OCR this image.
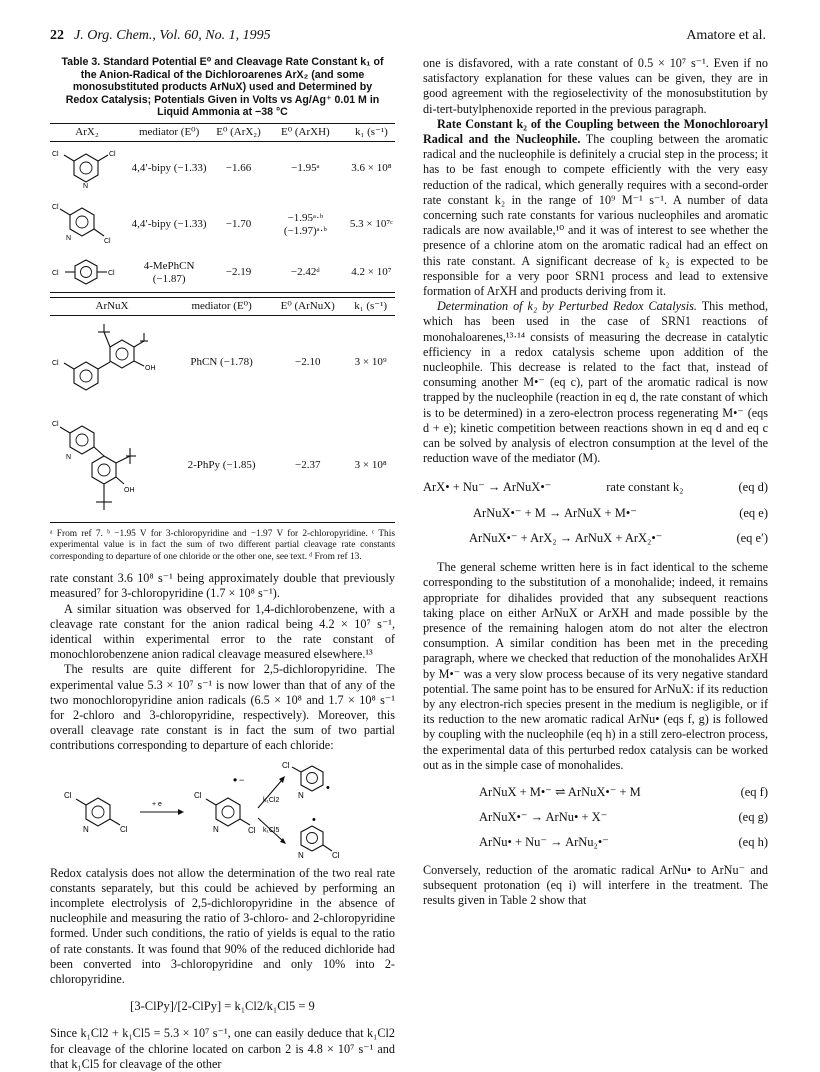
22 J. Org. Chem., Vol. 60, No. 1, 1995	Amatore et al.
Table 3. Standard Potential E⁰ and Cleavage Rate Constant k₁ of the Anion-Radical of the Dichloroarenes ArX₂ (and some monosubstituted products ArNuX) used and Determined by Redox Catalysis; Potentials Given in Volts vs Ag/Ag⁺ 0.01 M in Liquid Ammonia at −38 °C
ArX₂	mediator (E⁰)	E⁰ (ArX₂)	E⁰ (ArXH)	k₁ (s⁻¹)

Cl Cl
N	4,4′-bipy (−1.33)	−1.66	−1.95ᵃ	3.6 × 10⁸

Cl
Cl
N	4,4′-bipy (−1.33)	−1.70	−1.95ᵃ·ᵇ (−1.97)ᵃ·ᵇ	5.3 × 10⁷ᶜ

Cl Cl	4-MePhCN (−1.87)	−2.19	−2.42ᵈ	4.2 × 10⁷
ArNuX	mediator (E⁰)	E⁰ (ArNuX)	k₁ (s⁻¹)

Cl
OH	PhCN (−1.78)	−2.10	3 × 10⁹

Cl
N
OH	2-PhPy (−1.85)	−2.37	3 × 10⁸
ᵃ From ref 7. ᵇ −1.95 V for 3-chloropyridine and −1.97 V for 2-chloropyridine. ᶜ This experimental value is in fact the sum of two different partial cleavage rate constants corresponding to departure of one chloride or the other one, see text. ᵈ From ref 13.

rate constant 3.6 10⁸ s⁻¹ being approximately double that previously measured⁷ for 3-chloropyridine (1.7 × 10⁸ s⁻¹).

A similar situation was observed for 1,4-dichlorobenzene, with a cleavage rate constant for the anion radical being 4.2 × 10⁷ s⁻¹, identical within experimental error to the rate constant of monochlorobenzene anion radical cleavage measured elsewhere.¹³

The results are quite different for 2,5-dichloropyridine. The experimental value 5.3 × 10⁷ s⁻¹ is now lower than that of any of the two monochloropyridine anion radicals (6.5 × 10⁸ and 1.7 × 10⁸ s⁻¹ for 2-chloro and 3-chloropyridine, respectively). Moreover, this overall cleavage rate constant is in fact the sum of two partial contributions corresponding to departure of each chloride:

Cl
Cl
N
+ e
Cl
Cl
N
• −
k₁Cl2
k₁Cl5
Cl
•
N
Cl
N
•

Redox catalysis does not allow the determination of the two real rate constants separately, but this could be achieved by performing an incomplete electrolysis of 2,5-dichloropyridine in the absence of nucleophile and measuring the ratio of 3-chloro- and 2-chloropyridine formed. Under such conditions, the ratio of yields is equal to the ratio of rate constants. It was found that 90% of the reduced dichloride had been converted into 3-chloropyridine and only 10% into 2-chloropyridine.

[3-ClPy]/[2-ClPy] = k₁Cl2/k₁Cl5 = 9

Since k₁Cl2 + k₁Cl5 = 5.3 × 10⁷ s⁻¹, one can easily deduce that k₁Cl2 for cleavage of the chlorine located on carbon 2 is 4.8 × 10⁷ s⁻¹ and that k₁Cl5 for cleavage of the other

one is disfavored, with a rate constant of 0.5 × 10⁷ s⁻¹. Even if no satisfactory explanation for these values can be given, they are in good agreement with the regioselectivity of the monosubstitution by di-tert-butylphenoxide reported in the previous paragraph.

Rate Constant k₂ of the Coupling between the Monochloroaryl Radical and the Nucleophile. The coupling between the aromatic radical and the nucleophile is definitely a crucial step in the process; it has to be fast enough to compete efficiently with the very easy reduction of the radical, which generally requires with a second-order rate constant k₂ in the range of 10⁹ M⁻¹ s⁻¹. A number of data concerning such rate constants for various nucleophiles and aromatic radicals are now available,¹⁰ and it was of interest to see whether the presence of a chlorine atom on the aromatic radical had an effect on this rate constant. A significant decrease of k₂ is expected to be responsible for a very poor SRN1 process and lead to extensive formation of ArXH and products deriving from it.

Determination of k₂ by Perturbed Redox Catalysis. This method, which has been used in the case of SRN1 reactions of monohaloarenes,¹³·¹⁴ consists of measuring the decrease in catalytic efficiency in a redox catalysis scheme upon addition of the nucleophile. This decrease is related to the fact that, instead of consuming another M•⁻ (eq c), part of the aromatic radical is now trapped by the nucleophile (reaction in eq d, the rate constant of which is to be determined) in a zero-electron process regenerating M•⁻ (eqs d + e); kinetic competition between reactions shown in eq d and eq c can be solved by analysis of electron consumption at the level of the reduction wave of the mediator (M).

ArX• + Nu⁻ → ArNuX•⁻	rate constant k₂	(eq d)
ArNuX•⁻ + M → ArNuX + M•⁻	(eq e)
ArNuX•⁻ + ArX₂ → ArNuX + ArX₂•⁻	(eq e′)

The general scheme written here is in fact identical to the scheme corresponding to the substitution of a monohalide; indeed, it remains appropriate for dihalides provided that any subsequent reactions taking place on either ArNuX or ArXH and made possible by the presence of the remaining halogen atom do not alter the electron consumption. A similar condition has been met in the preceding paragraph, where we checked that reduction of the monohalides ArXH by M•⁻ was a very slow process because of its very negative standard potential. The same point has to be ensured for ArNuX: if its reduction by any electron-rich species present in the medium is negligible, or if its reduction to the new aromatic radical ArNu• (eqs f, g) is followed by coupling with the nucleophile (eq h) in a still zero-electron process, the experimental data of this perturbed redox catalysis can be worked out as in the simple case of monohalides.

ArNuX + M•⁻ ⇌ ArNuX•⁻ + M	(eq f)
ArNuX•⁻ → ArNu• + X⁻	(eq g)
ArNu• + Nu⁻ → ArNu₂•⁻	(eq h)

Conversely, reduction of the aromatic radical ArNu• to ArNu⁻ and subsequent protonation (eq i) will interfere in the treatment. The results given in Table 2 show that
